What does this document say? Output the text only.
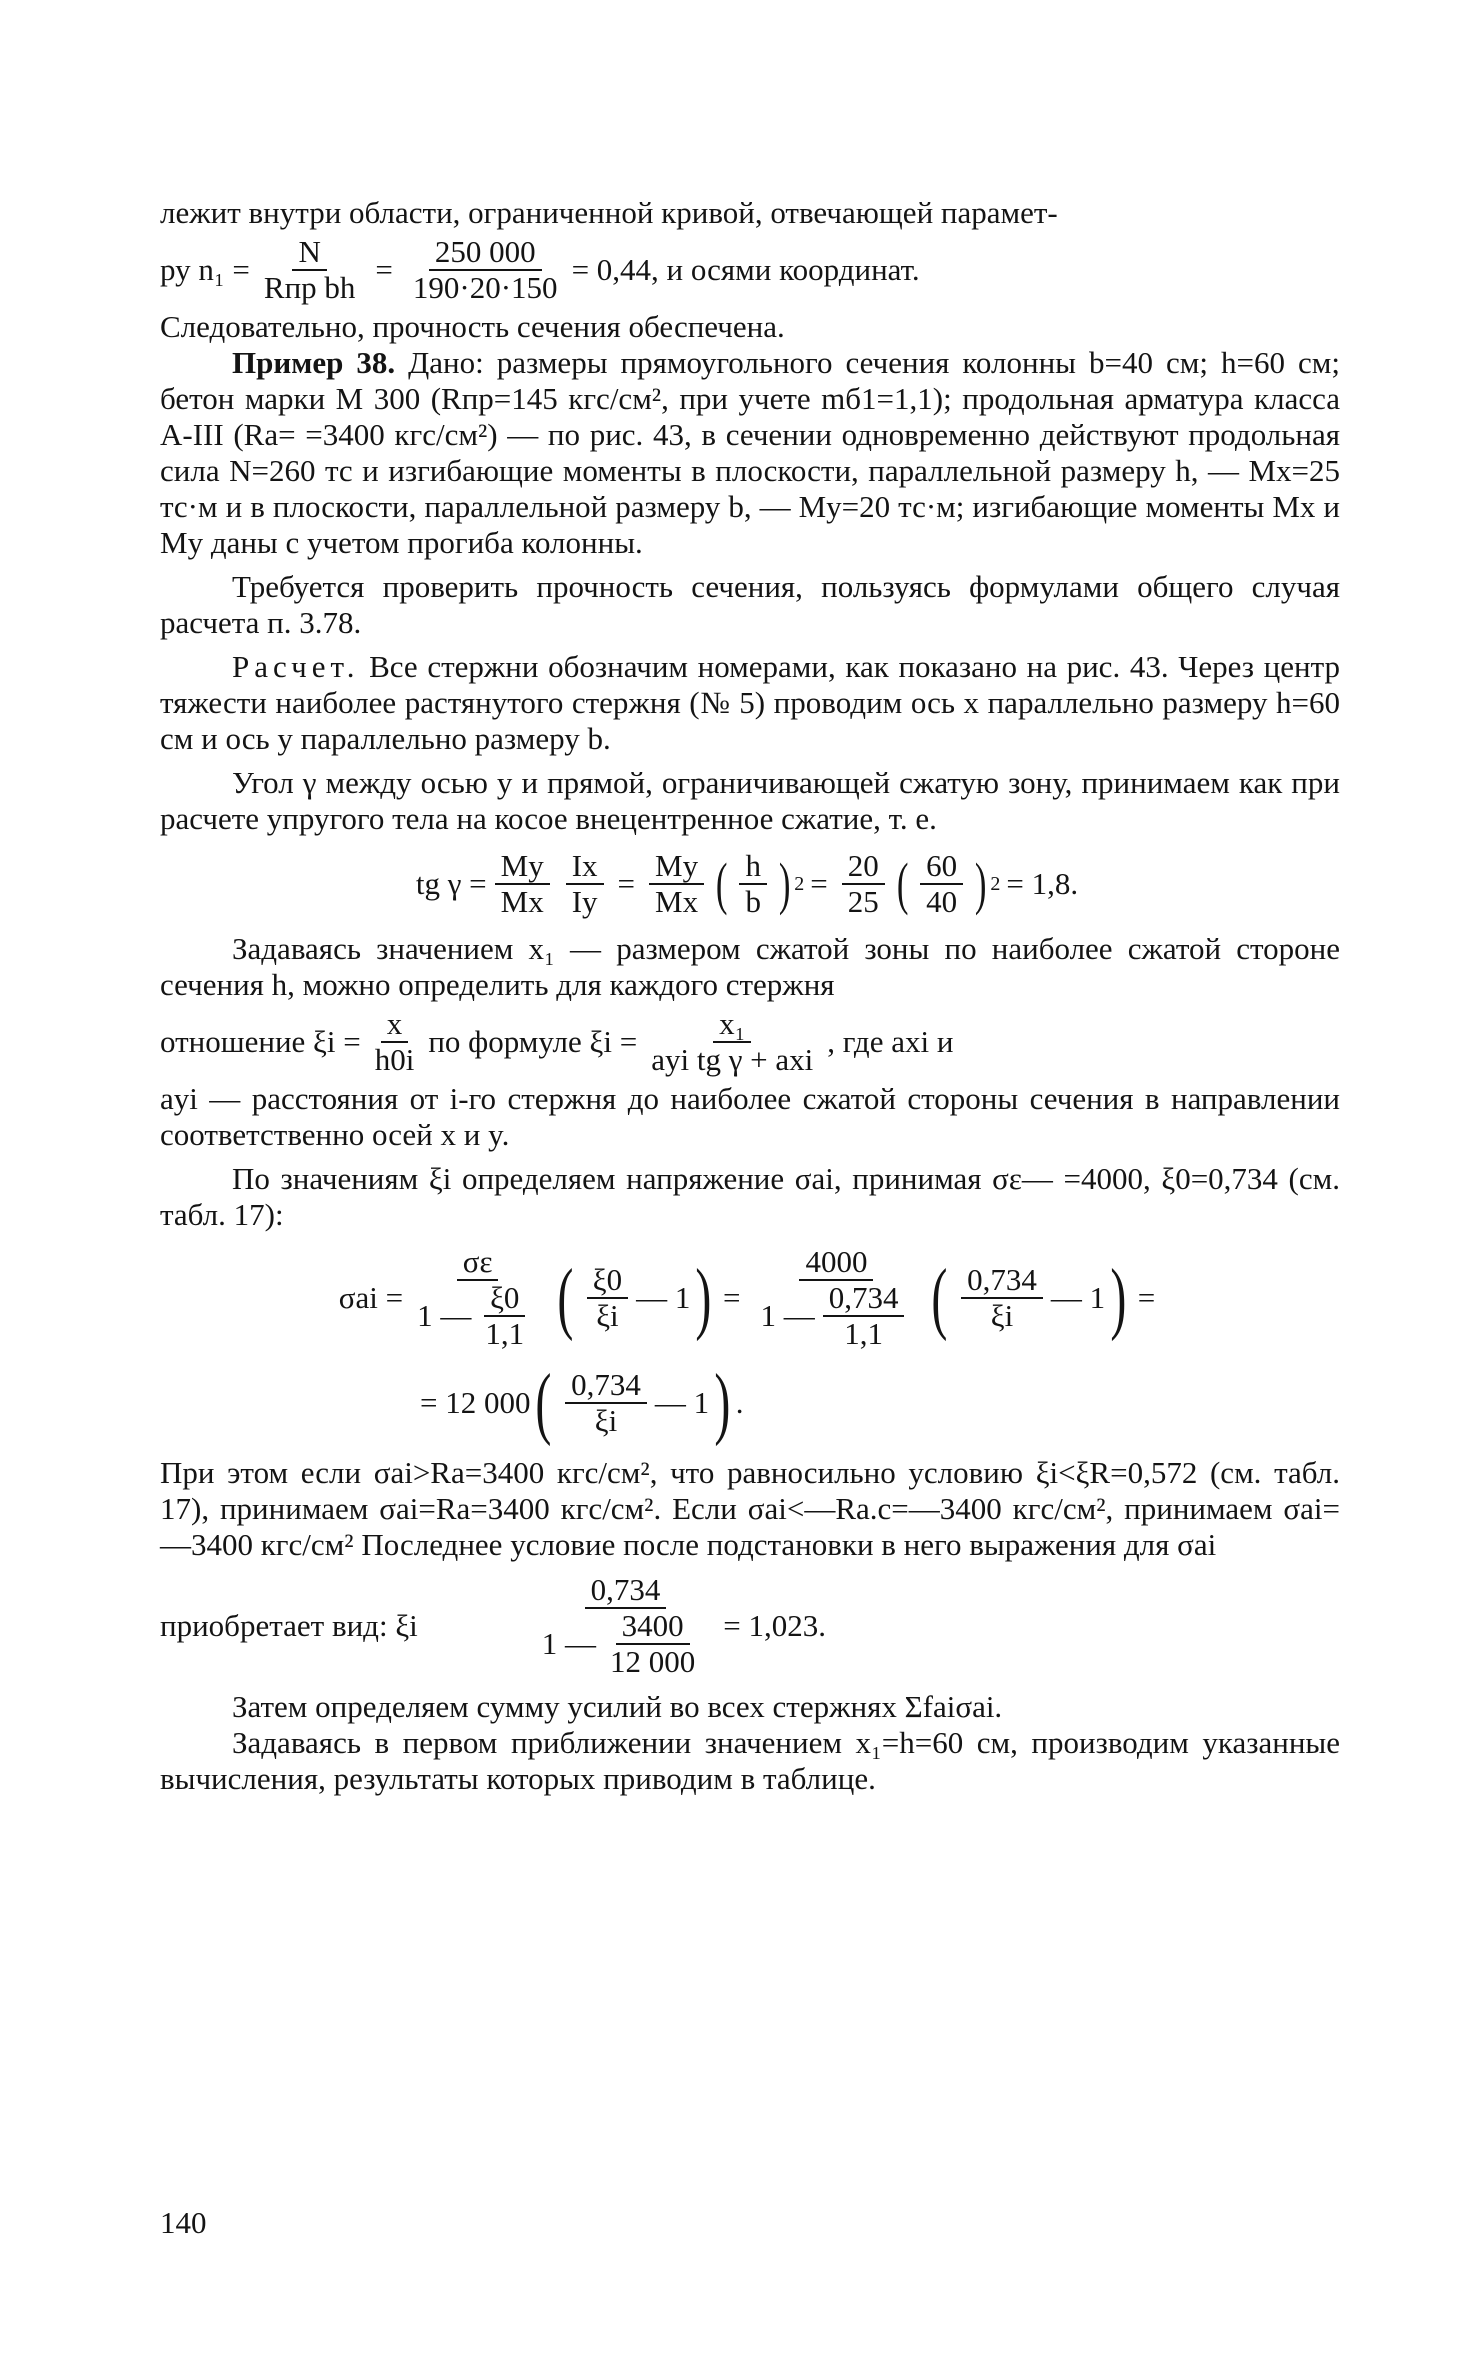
лежит внутри области, ограниченной кривой, отвечающей парамет-

ру $n_1 = \frac{N}{\text{Rпр bh}} = \frac{250 000}{190\cdot 20\cdot 150} = 0,44$, и осями координат.

Следовательно, прочность сечения обеспечена.

Пример 38. Дано: размеры прямоугольного сечения колонны b=40 см; h=60 см; бетон марки М 300 (Rпр=145 кгс/см², при учете mб1=1,1); продольная арматура класса А-III (Rа= =3400 кгс/см²) — по рис. 43, в сечении одновременно действуют продольная сила N=260 тс и изгибающие моменты в плоскости, параллельной размеру h, — Mx=25 тс·м и в плоскости, параллельной размеру b, — My=20 тс·м; изгибающие моменты Mx и My даны с учетом прогиба колонны.

Требуется проверить прочность сечения, пользуясь формулами общего случая расчета п. 3.78.

Расчет. Все стержни обозначим номерами, как показано на рис. 43. Через центр тяжести наиболее растянутого стержня (№ 5) проводим ось x параллельно размеру h=60 см и ось y параллельно размеру b.

Угол γ между осью y и прямой, ограничивающей сжатую зону, принимаем как при расчете упругого тела на косое внецентренное сжатие, т. е.

tg $\gamma = \frac{My}{Mx} \frac{Ix}{Iy} = \frac{My}{Mx}$ ( $\frac{h}{b}$ ) $2 = \frac{20}{25}$ ( $\frac{60}{40}$ ) 2 = 1,8.

Задаваясь значением x₁ — размером сжатой зоны по наиболее сжатой стороне сечения h, можно определить для каждого стержня

отношение $\xi i = \frac{x}{h0i}$ по формуле $\xi i = \frac{\text{x₁}}{\text{ayi tg γ + axi}}$ , где axi и

ayi — расстояния от i-го стержня до наиболее сжатой стороны сечения в направлении соответственно осей x и y.

По значениям ξi определяем напряжение σai, принимая σε— =4000, ξ0=0,734 (см. табл. 17):

$\sigma ai = \frac{\sigma\varepsilon}{1 — \frac{\xi 0}{1,1}}$ ( $\frac{\xi 0}{\xi i}$ — 1 ) = $\frac{4000}{1 — \frac{0,734}{1,1}}$ ( $\frac{0,734}{\xi i}$ — 1 ) =
= 12 000 ( $\frac{0,734}{\xi i}$ — 1 ) .

При этом если σai>Rа=3400 кгс/см², что равносильно условию ξi<ξR=0,572 (см. табл. 17), принимаем σai=Rа=3400 кгс/см². Если σai<—Rа.с=—3400 кгс/см², принимаем σai=—3400 кгс/см² Последнее условие после подстановки в него выражения для σai

приобретает вид: ξi	$\frac{0,734}{1 — \frac{3400}{12 000}} = 1,023$.

Затем определяем сумму усилий во всех стержнях Σfaiσai.

Задаваясь в первом приближении значением x₁=h=60 см, производим указанные вычисления, результаты которых приводим в таблице.

140
